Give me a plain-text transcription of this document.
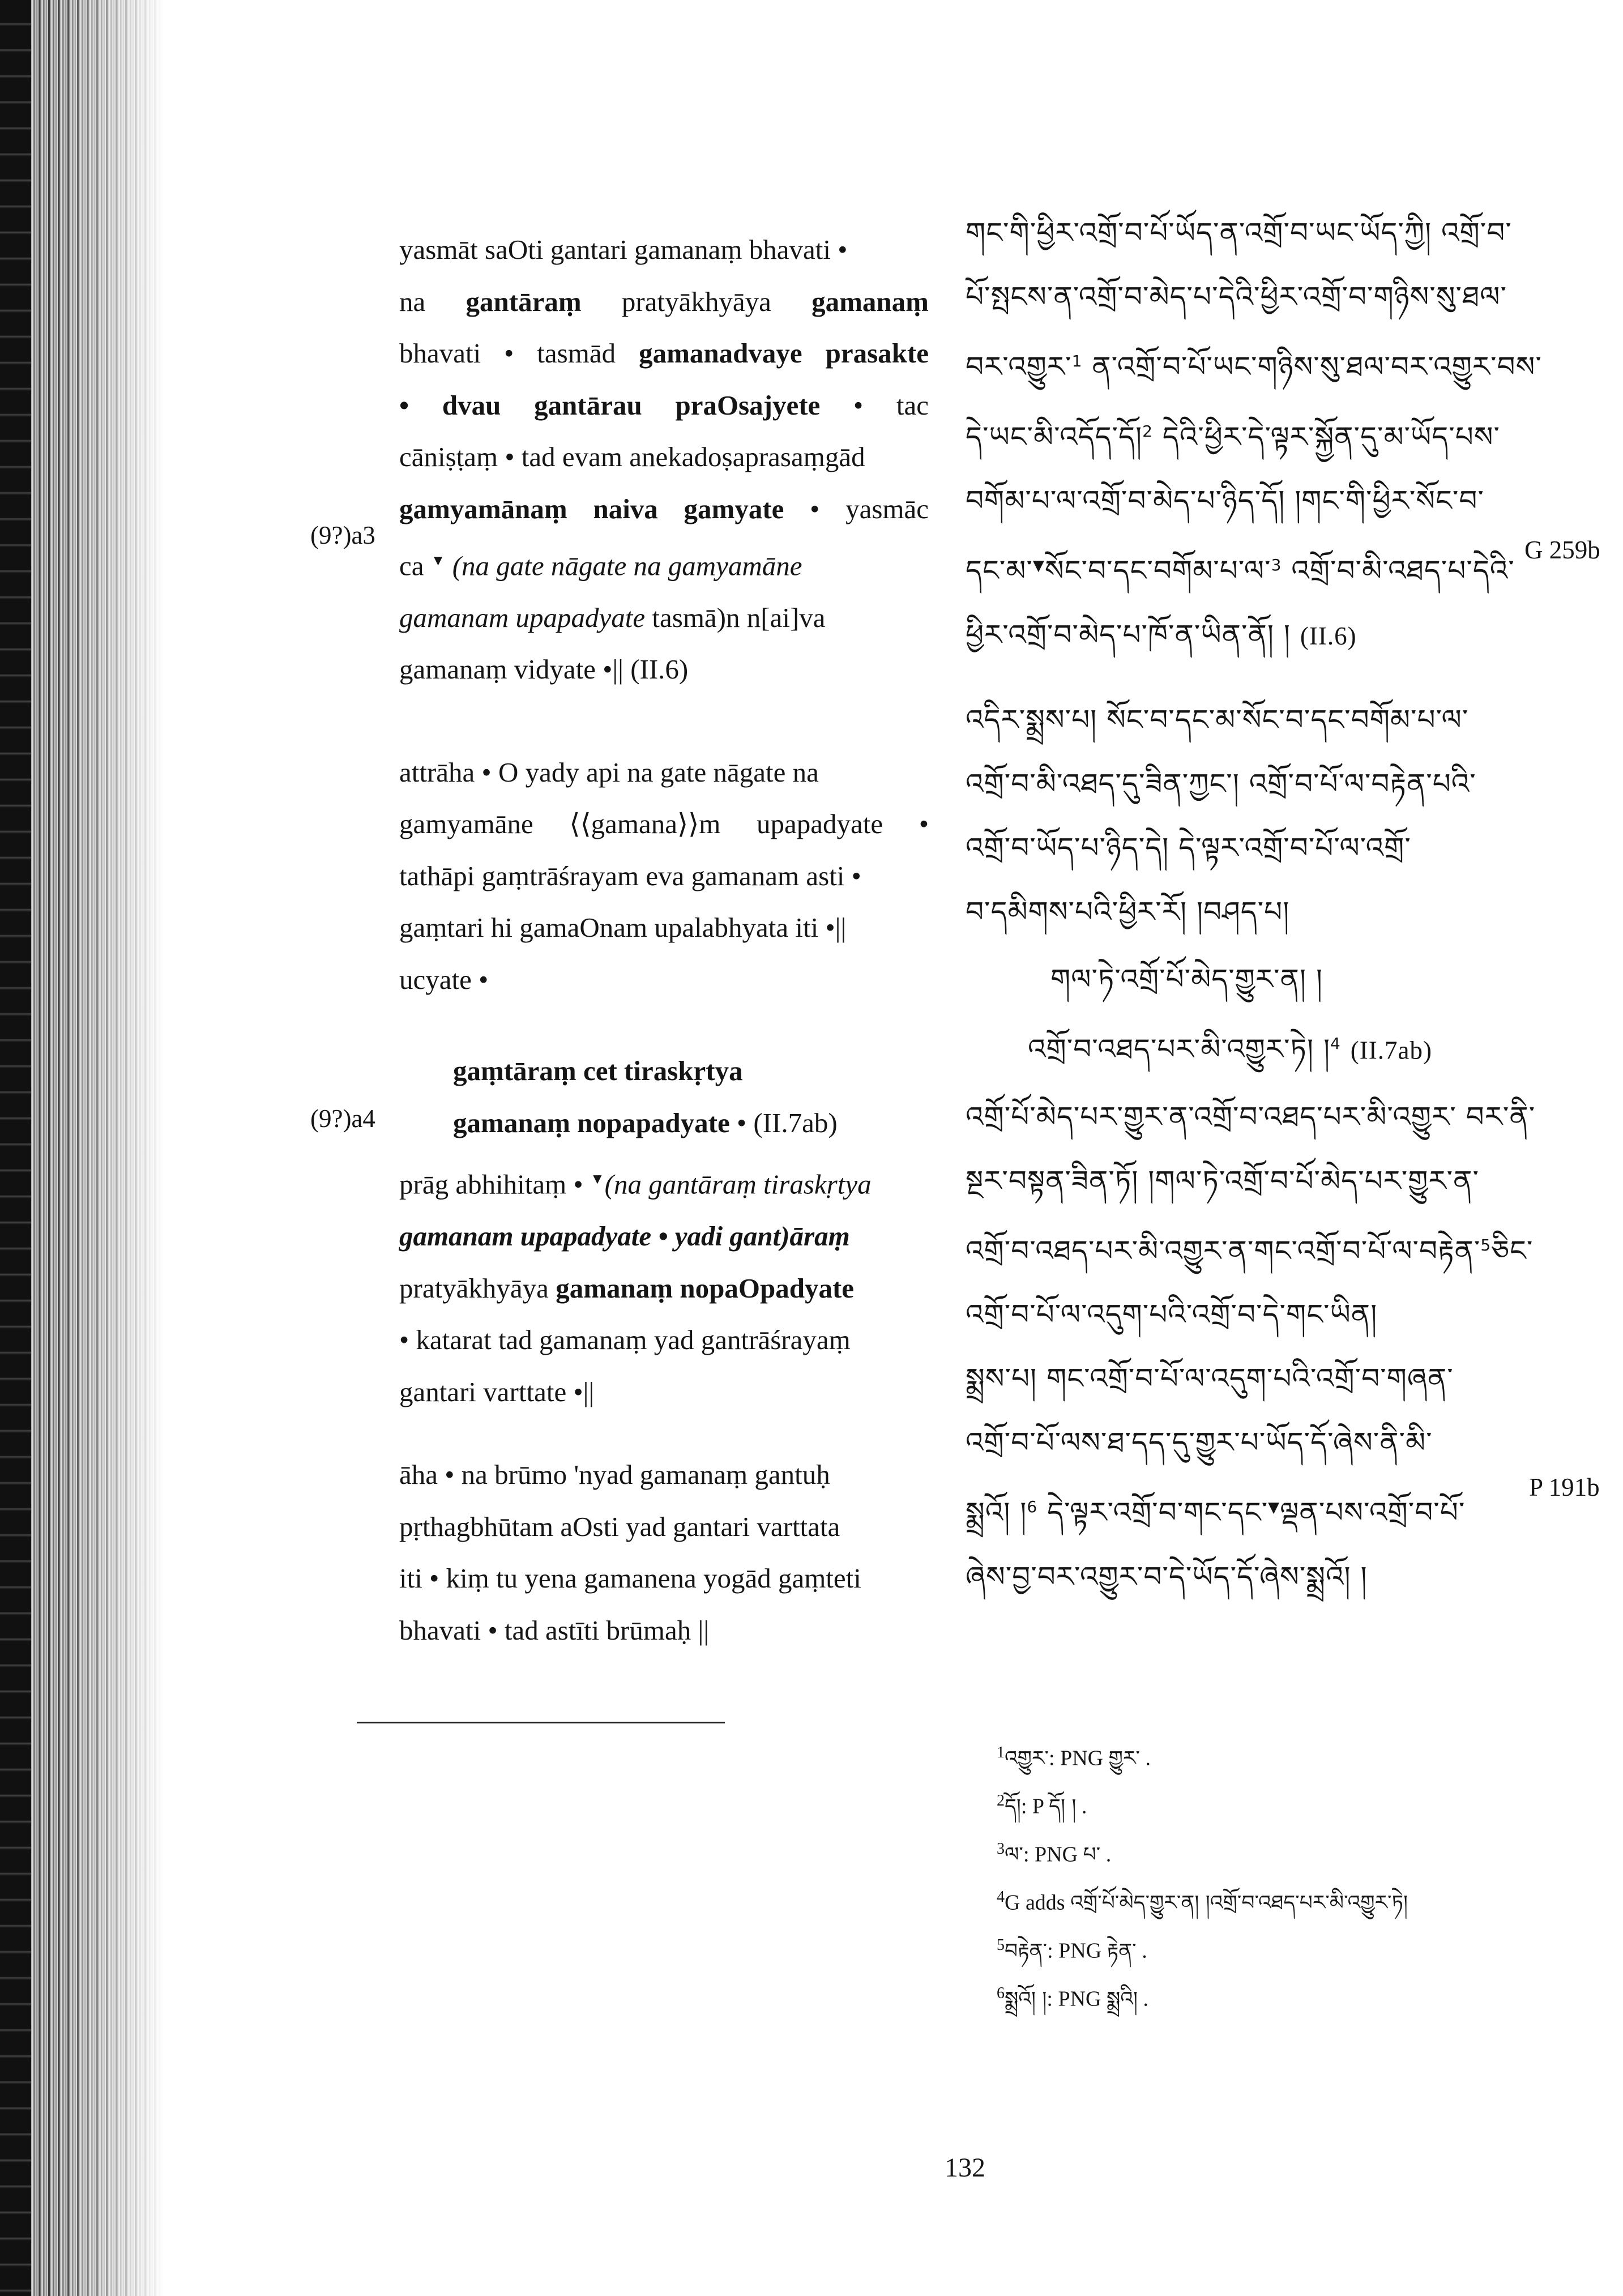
yasmāt saOti gantari gamanaṃ bhavati •
na gantāraṃ pratyākhyāya gamanaṃ
bhavati • tasmād gamanadvaye prasakte
• dvau gantārau praOsajyete • tac
cāniṣṭaṃ • tad evam anekadoṣaprasaṃgād
gamyamānaṃ naiva gamyate • yasmāc
ca ▼ (na gate nāgate na gamyamāne
gamanam upapadyate tasmā)n n[ai]va
gamanaṃ vidyate •|| (II.6)
attrāha • O yady api na gate nāgate na
gamyamāne ⟨⟨gamana⟩⟩m upapadyate •
tathāpi gaṃtrāśrayam eva gamanam asti •
gaṃtari hi gamaOnam upalabhyata iti •||
ucyate •
gaṃtāraṃ cet tiraskṛtya
gamanaṃ nopapadyate • (II.7ab)
prāg abhihitaṃ • ▼(na gantāraṃ tiraskṛtya
gamanam upapadyate • yadi gant)āraṃ
pratyākhyāya gamanaṃ nopaOpadyate
• katarat tad gamanaṃ yad gantrāśrayaṃ
gantari varttate •||
āha • na brūmo 'nyad gamanaṃ gantuḥ
pṛthagbhūtam aOsti yad gantari varttata
iti • kiṃ tu yena gamanena yogād gaṃteti
bhavati • tad astīti brūmaḥ ||
(9?)a3
(9?)a4
གང་གི་ཕྱིར་འགྲོ་བ་པོ་ཡོད་ན་འགྲོ་བ་ཡང་ཡོད་ཀྱི། འགྲོ་བ་
པོ་སྤངས་ན་འགྲོ་བ་མེད་པ་དེའི་ཕྱིར་འགྲོ་བ་གཉིས་སུ་ཐལ་
བར་འགྱུར་$^1$ ན་འགྲོ་བ་པོ་ཡང་གཉིས་སུ་ཐལ་བར་འགྱུར་བས་
དེ་ཡང་མི་འདོད་དོ།$^2$ དེའི་ཕྱིར་དེ་ལྟར་སྐྱོན་དུ་མ་ཡོད་པས་
བགོམ་པ་ལ་འགྲོ་བ་མེད་པ་ཉིད་དོ། །གང་གི་ཕྱིར་སོང་བ་
དང་མ་▼སོང་བ་དང་བགོམ་པ་ལ་$^3$ འགྲོ་བ་མི་འཐད་པ་དེའི་
ཕྱིར་འགྲོ་བ་མེད་པ་ཁོ་ན་ཡིན་ནོ། ། (II.6)
འདིར་སྨྲས་པ། སོང་བ་དང་མ་སོང་བ་དང་བགོམ་པ་ལ་
འགྲོ་བ་མི་འཐད་དུ་ཟིན་ཀྱང་། འགྲོ་བ་པོ་ལ་བརྟེན་པའི་
འགྲོ་བ་ཡོད་པ་ཉིད་དེ། དེ་ལྟར་འགྲོ་བ་པོ་ལ་འགྲོ་
བ་དམིགས་པའི་ཕྱིར་རོ། །བཤད་པ།
གལ་ཏེ་འགྲོ་པོ་མེད་གྱུར་ན། །
འགྲོ་བ་འཐད་པར་མི་འགྱུར་ཏེ། །$^4$ (II.7ab)
འགྲོ་པོ་མེད་པར་གྱུར་ན་འགྲོ་བ་འཐད་པར་མི་འགྱུར་ བར་ནི་
སྔར་བསྟན་ཟིན་ཏོ། །གལ་ཏེ་འགྲོ་བ་པོ་མེད་པར་གྱུར་ན་
འགྲོ་བ་འཐད་པར་མི་འགྱུར་ན་གང་འགྲོ་བ་པོ་ལ་བརྟེན་$^5$ཅིང་
འགྲོ་བ་པོ་ལ་འདུག་པའི་འགྲོ་བ་དེ་གང་ཡིན།
སྨྲས་པ། གང་འགྲོ་བ་པོ་ལ་འདུག་པའི་འགྲོ་བ་གཞན་
འགྲོ་བ་པོ་ལས་ཐ་དད་དུ་གྱུར་པ་ཡོད་དོ་ཞེས་ནི་མི་
སྨྲའོ། །$^6$ དེ་ལྟར་འགྲོ་བ་གང་དང་▼ལྡན་པས་འགྲོ་བ་པོ་
ཞེས་བྱ་བར་འགྱུར་བ་དེ་ཡོད་དོ་ཞེས་སྨྲའོ། །
G 259b
P 191b
$^1$འགྱུར་: PNG གྱུར་ .
$^2$དོ།: P དོ། ། .
$^3$ལ་: PNG པ་ .
$^4$G adds འགྲོ་པོ་མེད་གྱུར་ན། །འགྲོ་བ་འཐད་པར་མི་འགྱུར་ཏེ།
$^5$བརྟེན་: PNG རྟེན་ .
$^6$སྨྲའོ། །: PNG སྨྲའི། .
132
